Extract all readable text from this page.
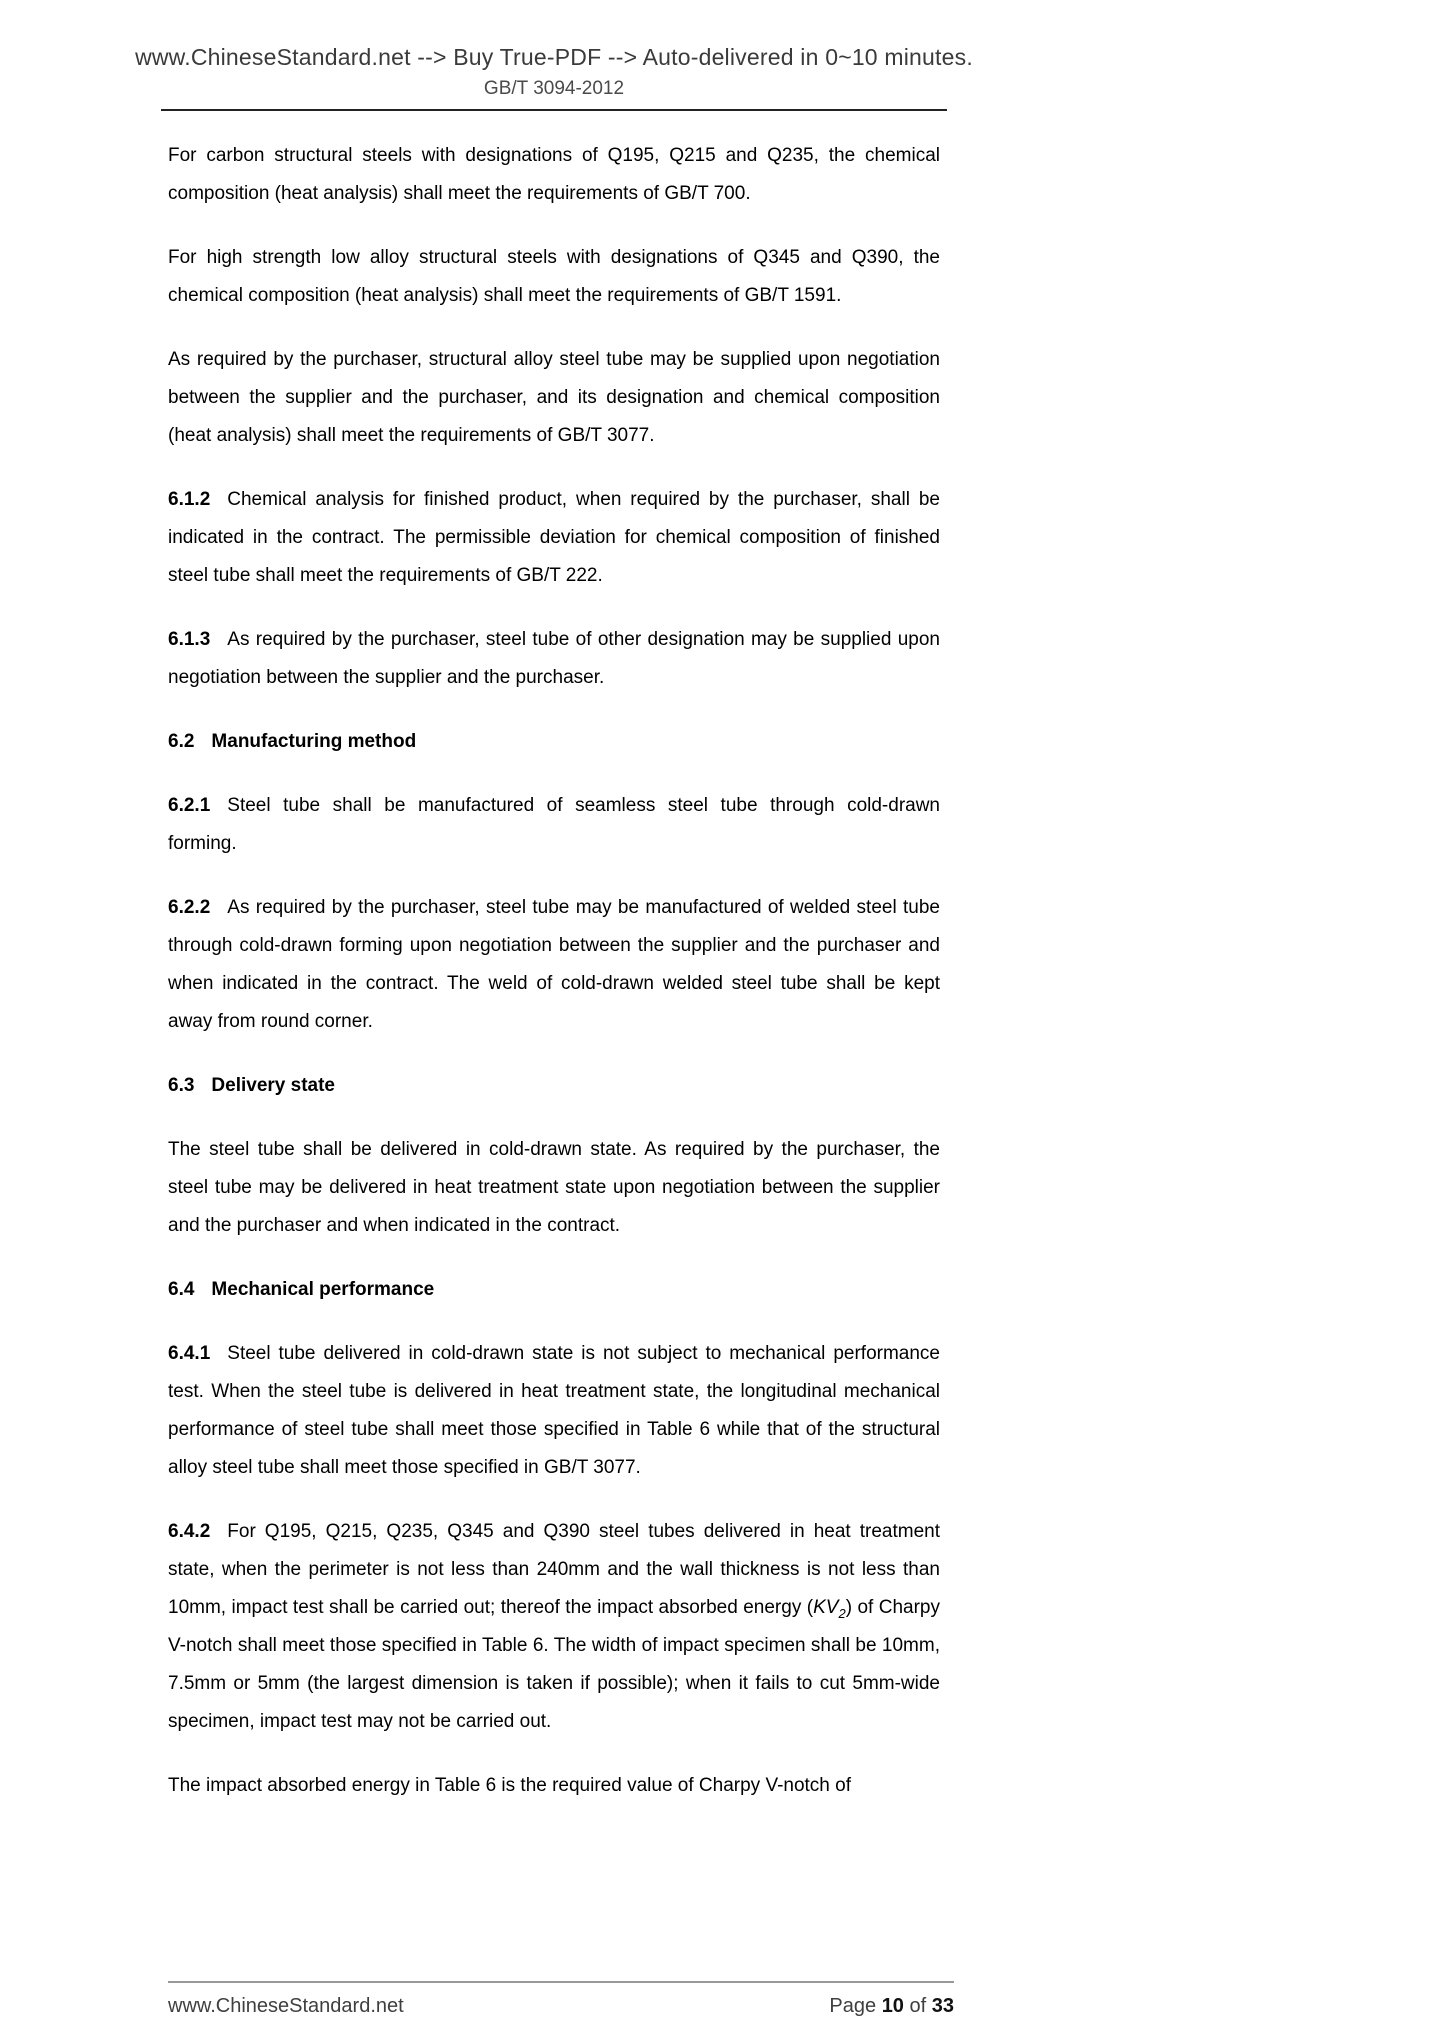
www.ChineseStandard.net --> Buy True-PDF --> Auto-delivered in 0~10 minutes.
GB/T 3094-2012

For carbon structural steels with designations of Q195, Q215 and Q235, the chemical composition (heat analysis) shall meet the requirements of GB/T 700.

For high strength low alloy structural steels with designations of Q345 and Q390, the chemical composition (heat analysis) shall meet the requirements of GB/T 1591.

As required by the purchaser, structural alloy steel tube may be supplied upon negotiation between the supplier and the purchaser, and its designation and chemical composition (heat analysis) shall meet the requirements of GB/T 3077.

6.1.2 Chemical analysis for finished product, when required by the purchaser, shall be indicated in the contract. The permissible deviation for chemical composition of finished steel tube shall meet the requirements of GB/T 222.

6.1.3 As required by the purchaser, steel tube of other designation may be supplied upon negotiation between the supplier and the purchaser.

6.2 Manufacturing method

6.2.1 Steel tube shall be manufactured of seamless steel tube through cold-drawn forming.

6.2.2 As required by the purchaser, steel tube may be manufactured of welded steel tube through cold-drawn forming upon negotiation between the supplier and the purchaser and when indicated in the contract. The weld of cold-drawn welded steel tube shall be kept away from round corner.

6.3 Delivery state

The steel tube shall be delivered in cold-drawn state. As required by the purchaser, the steel tube may be delivered in heat treatment state upon negotiation between the supplier and the purchaser and when indicated in the contract.

6.4 Mechanical performance

6.4.1 Steel tube delivered in cold-drawn state is not subject to mechanical performance test. When the steel tube is delivered in heat treatment state, the longitudinal mechanical performance of steel tube shall meet those specified in Table 6 while that of the structural alloy steel tube shall meet those specified in GB/T 3077.

6.4.2 For Q195, Q215, Q235, Q345 and Q390 steel tubes delivered in heat treatment state, when the perimeter is not less than 240mm and the wall thickness is not less than 10mm, impact test shall be carried out; thereof the impact absorbed energy $(KV_2)$ of Charpy V-notch shall meet those specified in Table 6. The width of impact specimen shall be 10mm, 7.5mm or 5mm (the largest dimension is taken if possible); when it fails to cut 5mm-wide specimen, impact test may not be carried out.

The impact absorbed energy in Table 6 is the required value of Charpy V-notch of

www.ChineseStandard.net	Page 10 of 33
